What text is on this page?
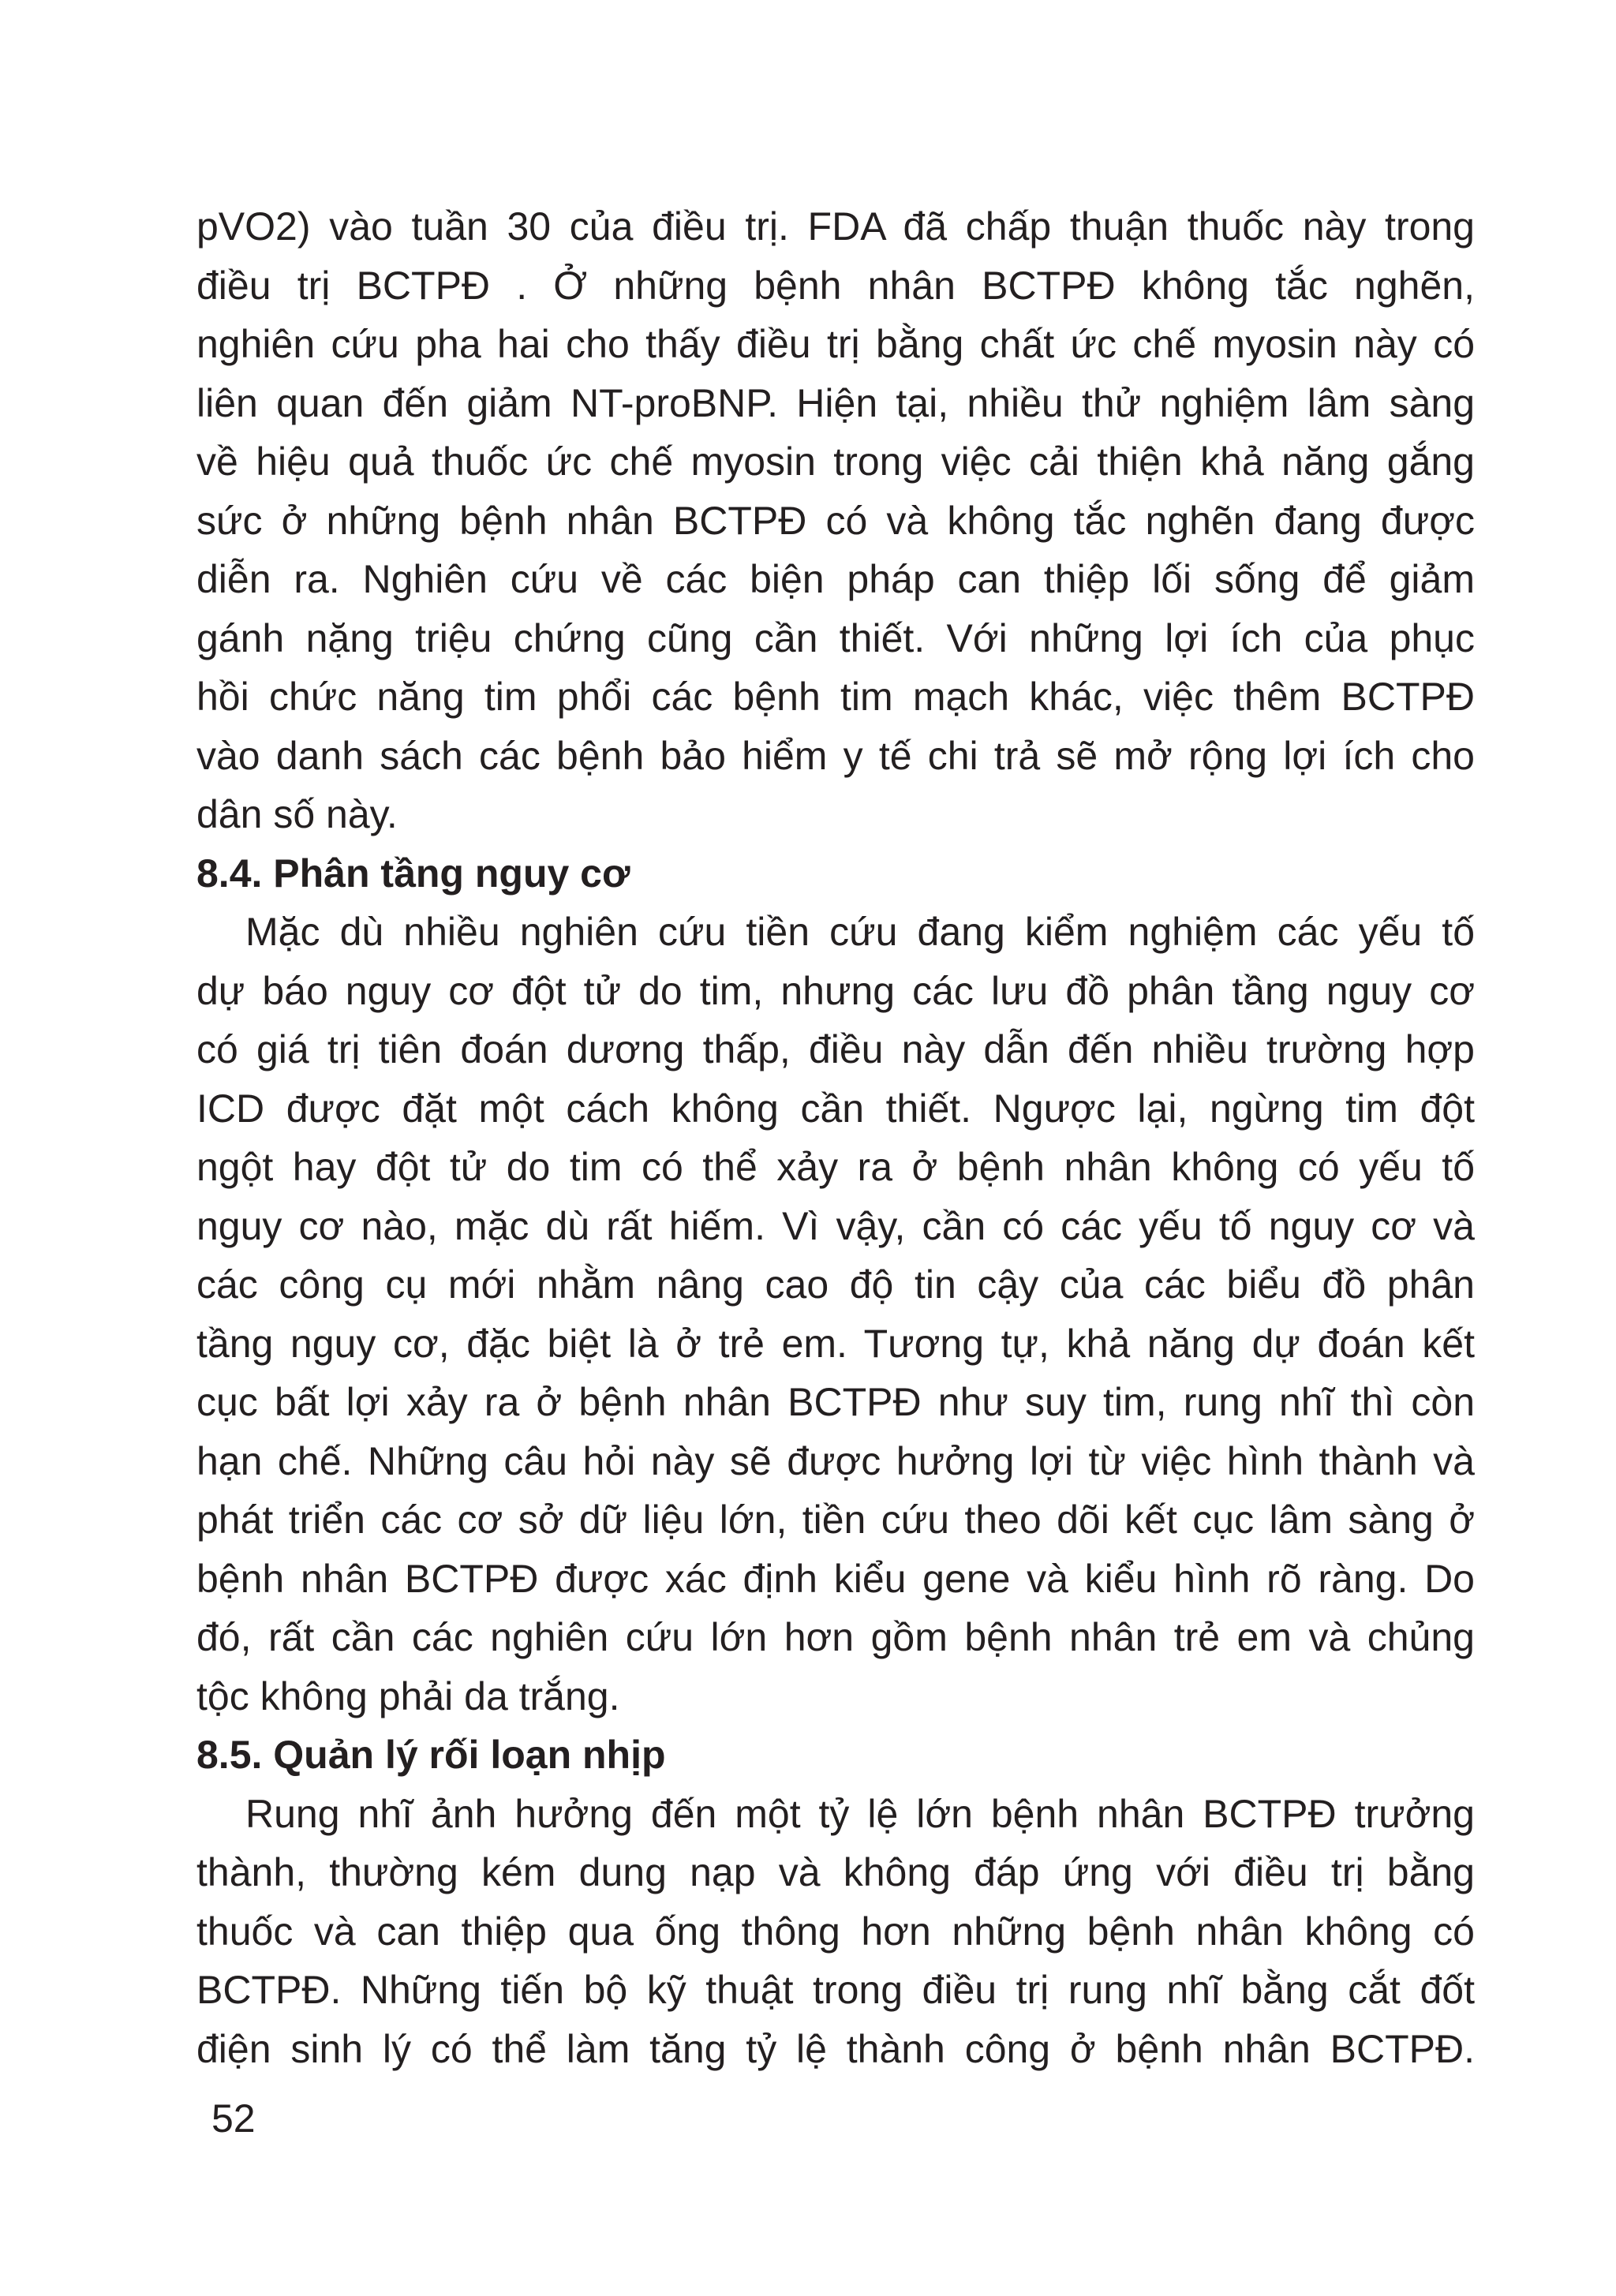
pVO2) vào tuần 30 của điều trị. FDA đã chấp thuận thuốc này trong
điều trị BCTPĐ . Ở những bệnh nhân BCTPĐ không tắc nghẽn,
nghiên cứu pha hai cho thấy điều trị bằng chất ức chế myosin này có
liên quan đến giảm NT-proBNP. Hiện tại, nhiều thử nghiệm lâm sàng
về hiệu quả thuốc ức chế myosin trong việc cải thiện khả năng gắng
sức ở những bệnh nhân BCTPĐ có và không tắc nghẽn đang được
diễn ra. Nghiên cứu về các biện pháp can thiệp lối sống để giảm
gánh nặng triệu chứng cũng cần thiết. Với những lợi ích của phục
hồi chức năng tim phổi các bệnh tim mạch khác, việc thêm BCTPĐ
vào danh sách các bệnh bảo hiểm y tế chi trả sẽ mở rộng lợi ích cho
dân số này.
8.4. Phân tầng nguy cơ
Mặc dù nhiều nghiên cứu tiền cứu đang kiểm nghiệm các yếu tố
dự báo nguy cơ đột tử do tim, nhưng các lưu đồ phân tầng nguy cơ
có giá trị tiên đoán dương thấp, điều này dẫn đến nhiều trường hợp
ICD được đặt một cách không cần thiết. Ngược lại, ngừng tim đột
ngột hay đột tử do tim có thể xảy ra ở bệnh nhân không có yếu tố
nguy cơ nào, mặc dù rất hiếm. Vì vậy, cần có các yếu tố nguy cơ và
các công cụ mới nhằm nâng cao độ tin cậy của các biểu đồ phân
tầng nguy cơ, đặc biệt là ở trẻ em. Tương tự, khả năng dự đoán kết
cục bất lợi xảy ra ở bệnh nhân BCTPĐ như suy tim, rung nhĩ thì còn
hạn chế. Những câu hỏi này sẽ được hưởng lợi từ việc hình thành và
phát triển các cơ sở dữ liệu lớn, tiền cứu theo dõi kết cục lâm sàng ở
bệnh nhân BCTPĐ được xác định kiểu gene và kiểu hình rõ ràng. Do
đó, rất cần các nghiên cứu lớn hơn gồm bệnh nhân trẻ em và chủng
tộc không phải da trắng.
8.5. Quản lý rối loạn nhịp
Rung nhĩ ảnh hưởng đến một tỷ lệ lớn bệnh nhân BCTPĐ trưởng
thành, thường kém dung nạp và không đáp ứng với điều trị bằng
thuốc và can thiệp qua ống thông hơn những bệnh nhân không có
BCTPĐ. Những tiến bộ kỹ thuật trong điều trị rung nhĩ bằng cắt đốt
điện sinh lý có thể làm tăng tỷ lệ thành công ở bệnh nhân BCTPĐ.
52
